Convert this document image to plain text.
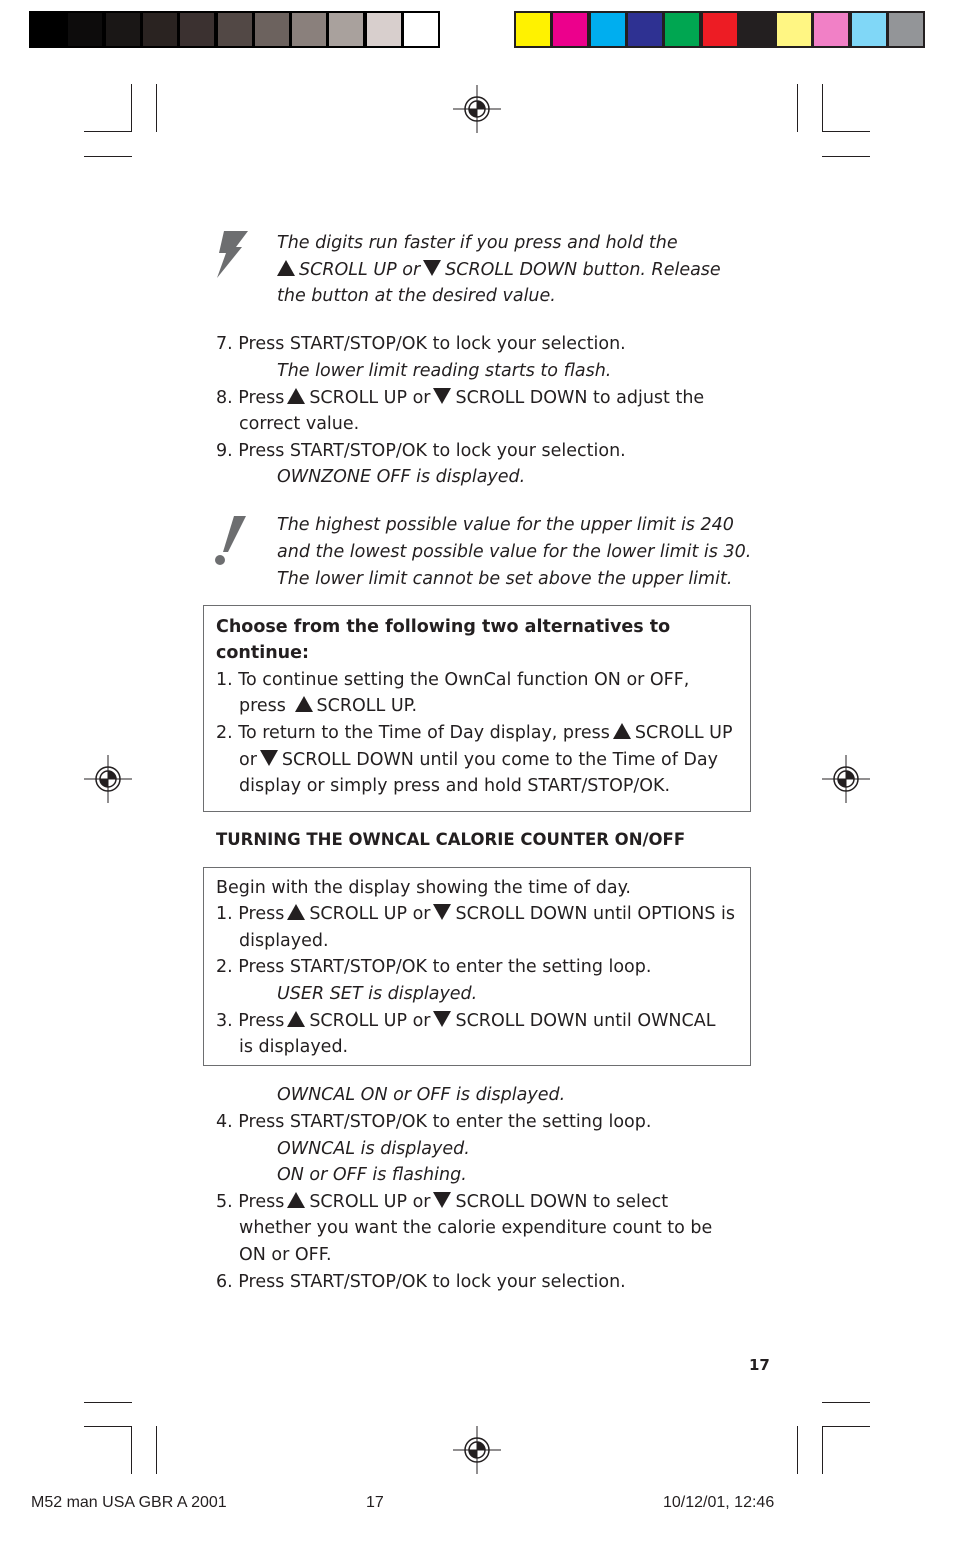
The digits run faster if you press and hold the
SCROLL UP or SCROLL DOWN button. Release
the button at the desired value.
7. Press START/STOP/OK to lock your selection.
The lower limit reading starts to flash.
8. Press SCROLL UP or SCROLL DOWN to adjust the
correct value.
9. Press START/STOP/OK to lock your selection.
OWNZONE OFF is displayed.
The highest possible value for the upper limit is 240
and the lowest possible value for the lower limit is 30.
The lower limit cannot be set above the upper limit.
Choose from the following two alternatives to
continue:
1. To continue setting the OwnCal function ON or OFF,
press SCROLL UP.
2. To return to the Time of Day display, press SCROLL UP
or SCROLL DOWN until you come to the Time of Day
display or simply press and hold START/STOP/OK.
TURNING THE OWNCAL CALORIE COUNTER ON/OFF
Begin with the display showing the time of day.
1. Press SCROLL UP or SCROLL DOWN until OPTIONS is
displayed.
2. Press START/STOP/OK to enter the setting loop.
USER SET is displayed.
3. Press SCROLL UP or SCROLL DOWN until OWNCAL
is displayed.
OWNCAL ON or OFF is displayed.
4. Press START/STOP/OK to enter the setting loop.
OWNCAL is displayed.
ON or OFF is flashing.
5. Press SCROLL UP or SCROLL DOWN to select
whether you want the calorie expenditure count to be
ON or OFF.
6. Press START/STOP/OK to lock your selection.
17
M52 man USA GBR A 2001	17	10/12/01, 12:46
